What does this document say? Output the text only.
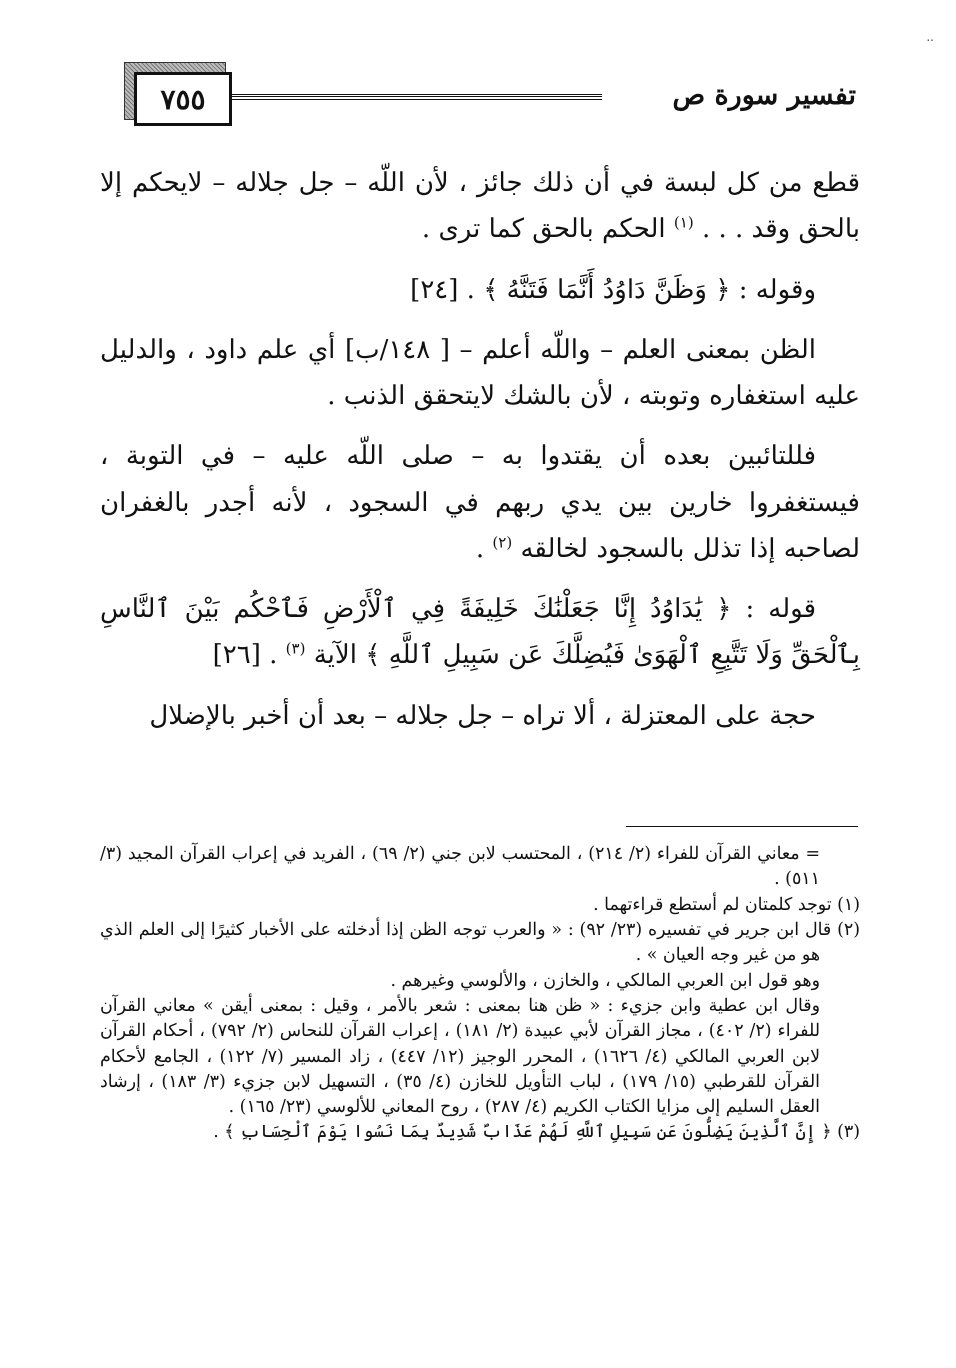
..
٧٥٥	تفسير سورة ص

قطع من كل لبسة في أن ذلك جائز ، لأن اللّه – جل جلاله – لايحكم إلا بالحق وقد . . . $^{(١)}$ الحكم بالحق كما ترى .

وقوله : ﴿ وَظَنَّ دَاوُدُ أَنَّمَا فَتَنَّهُ ﴾ . [٢٤]

الظن بمعنى العلم – واللّه أعلم – [ ١٤٨/ب] أي علم داود ، والدليل عليه استغفاره وتوبته ، لأن بالشك لايتحقق الذنب .

فللتائبين بعده أن يقتدوا به – صلى اللّه عليه – في التوبة ، فيستغفروا خارين بين يدي ربهم في السجود ، لأنه أجدر بالغفران لصاحبه إذا تذلل بالسجود لخالقه $^{(٢)}$ .

قوله : ﴿ يَٰدَاوُدُ إِنَّا جَعَلْنَٰكَ خَلِيفَةً فِي ٱلْأَرْضِ فَٱحْكُم بَيْنَ ٱلنَّاسِ بِٱلْحَقِّ وَلَا تَتَّبِعِ ٱلْهَوَىٰ فَيُضِلَّكَ عَن سَبِيلِ ٱللَّهِ ﴾ الآية $^{(٣)}$ . [٢٦]

حجة على المعتزلة ، ألا تراه – جل جلاله – بعد أن أخبر بالإضلال

= معاني القرآن للفراء (٢/ ٢١٤) ، المحتسب لابن جني (٢/ ٦٩) ، الفريد في إعراب القرآن المجيد (٣/ ٥١١) .

(١) توجد كلمتان لم أستطع قراءتهما .

(٢) قال ابن جرير في تفسيره (٢٣/ ٩٢) : « والعرب توجه الظن إذا أدخلته على الأخبار كثيرًا إلى العلم الذي هو من غير وجه العيان » .

وهو قول ابن العربي المالكي ، والخازن ، والألوسي وغيرهم .

وقال ابن عطية وابن جزيء : « ظن هنا بمعنى : شعر بالأمر ، وقيل : بمعنى أيقن » معاني القرآن للفراء (٢/ ٤٠٢) ، مجاز القرآن لأبي عبيدة (٢/ ١٨١) ، إعراب القرآن للنحاس (٢/ ٧٩٢) ، أحكام القرآن لابن العربي المالكي (٤/ ١٦٢٦) ، المحرر الوجيز (١٢/ ٤٤٧) ، زاد المسير (٧/ ١٢٢) ، الجامع لأحكام القرآن للقرطبي (١٥/ ١٧٩) ، لباب التأويل للخازن (٤/ ٣٥) ، التسهيل لابن جزيء (٣/ ١٨٣) ، إرشاد العقل السليم إلى مزايا الكتاب الكريم (٤/ ٢٨٧) ، روح المعاني للألوسي (٢٣/ ١٦٥) .

(٣) ﴿ إِنَّ ٱلَّذِينَ يَضِلُّونَ عَن سَبِيلِ ٱللَّهِ لَهُمْ عَذَابٌ شَدِيدٌ بِمَا نَسُوا يَوْمَ ٱلْحِسَابِ ﴾ .
